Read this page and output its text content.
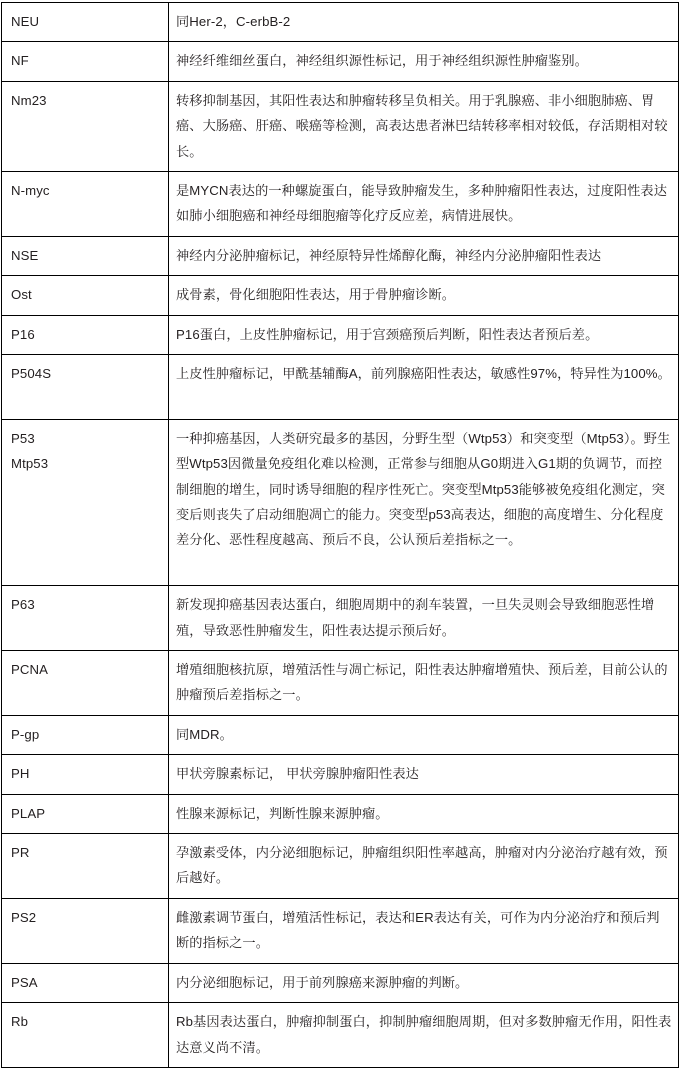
NEU	同Her-2，C-erbB-2

NF	神经纤维细丝蛋白，神经组织源性标记，用于神经组织源性肿瘤鉴别。

Nm23	转移抑制基因，其阳性表达和肿瘤转移呈负相关。用于乳腺癌、非小细胞肺癌、胃癌、大肠癌、肝癌、喉癌等检测，高表达患者淋巴结转移率相对较低，存活期相对较长。

N-myc	是MYCN表达的一种螺旋蛋白，能导致肿瘤发生，多种肿瘤阳性表达，过度阳性表达如肺小细胞癌和神经母细胞瘤等化疗反应差，病情进展快。

NSE	神经内分泌肿瘤标记，神经原特异性烯醇化酶，神经内分泌肿瘤阳性表达

Ost	成骨素，骨化细胞阳性表达，用于骨肿瘤诊断。

P16	P16蛋白，上皮性肿瘤标记，用于宫颈癌预后判断，阳性表达者预后差。

P504S	上皮性肿瘤标记，甲酰基辅酶A，前列腺癌阳性表达，敏感性97%，特异性为100%。

P53
Mtp53	一种抑癌基因，人类研究最多的基因，分野生型（Wtp53）和突变型（Mtp53）。野生型Wtp53因微量免疫组化难以检测，正常参与细胞从G0期进入G1期的负调节，而控制细胞的增生，同时诱导细胞的程序性死亡。突变型Mtp53能够被免疫组化测定，突变后则丧失了启动细胞凋亡的能力。突变型p53高表达，细胞的高度增生、分化程度差分化、恶性程度越高、预后不良，公认预后差指标之一。

P63	新发现抑癌基因表达蛋白，细胞周期中的刹车装置，一旦失灵则会导致细胞恶性增殖，导致恶性肿瘤发生，阳性表达提示预后好。

PCNA	增殖细胞核抗原，增殖活性与凋亡标记，阳性表达肿瘤增殖快、预后差，目前公认的肿瘤预后差指标之一。

P-gp	同MDR。

PH	甲状旁腺素标记， 甲状旁腺肿瘤阳性表达

PLAP	性腺来源标记，判断性腺来源肿瘤。

PR	孕激素受体，内分泌细胞标记，肿瘤组织阳性率越高，肿瘤对内分泌治疗越有效，预后越好。

PS2	雌激素调节蛋白，增殖活性标记，表达和ER表达有关，可作为内分泌治疗和预后判断的指标之一。

PSA	内分泌细胞标记，用于前列腺癌来源肿瘤的判断。

Rb	Rb基因表达蛋白，肿瘤抑制蛋白，抑制肿瘤细胞周期，但对多数肿瘤无作用，阳性表达意义尚不清。
